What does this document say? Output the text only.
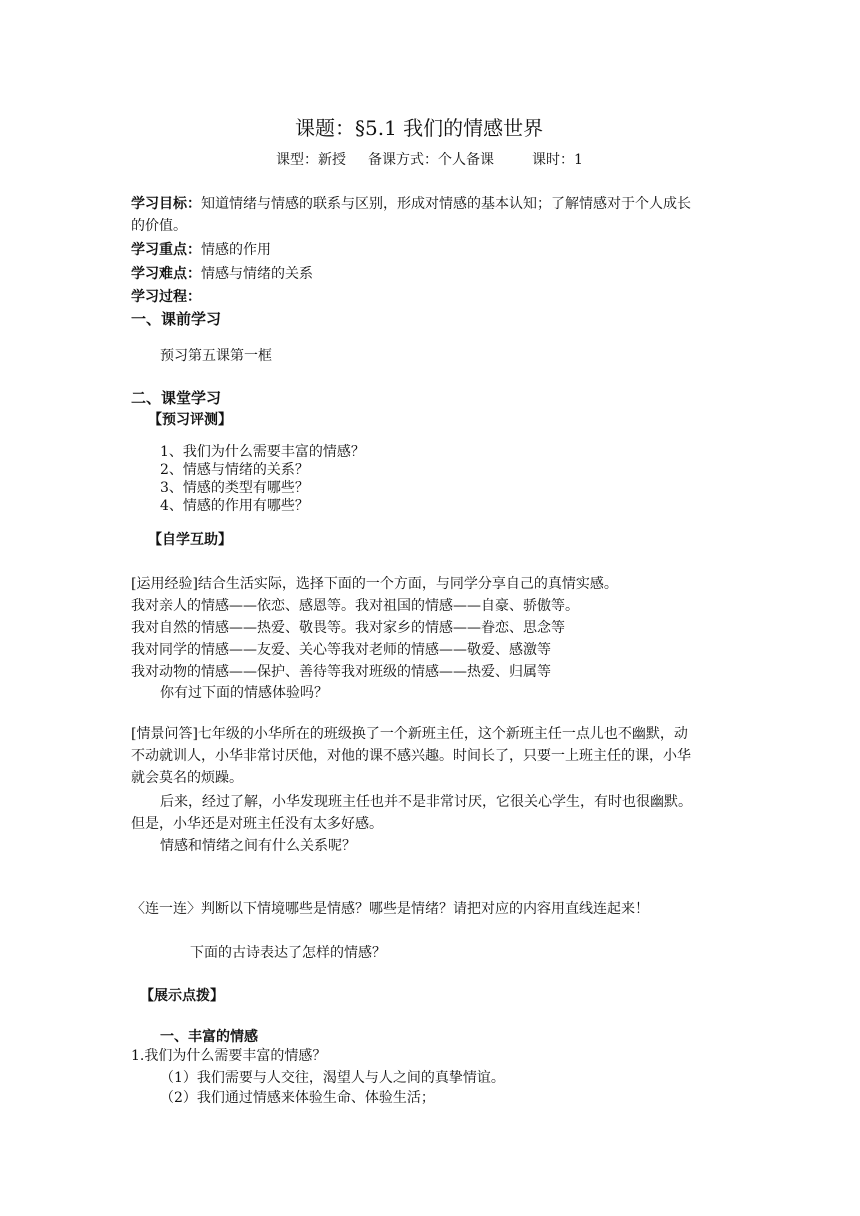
课题：§5.1 我们的情感世界
课型：新授 备课方式：个人备课	课时：1
学习目标：知道情绪与情感的联系与区别，形成对情感的基本认知；了解情感对于个人成长
的价值。
学习重点：情感的作用
学习难点：情感与情绪的关系
学习过程：
一、课前学习
预习第五课第一框
二、课堂学习
【预习评测】
1、我们为什么需要丰富的情感？
2、情感与情绪的关系？
3、情感的类型有哪些？
4、情感的作用有哪些？
【自学互助】
[运用经验]结合生活实际，选择下面的一个方面，与同学分享自己的真情实感。
我对亲人的情感——依恋、感恩等。我对祖国的情感——自豪、骄傲等。
我对自然的情感——热爱、敬畏等。我对家乡的情感——眷恋、思念等
我对同学的情感——友爱、关心等我对老师的情感——敬爱、感激等
我对动物的情感——保护、善待等我对班级的情感——热爱、归属等
你有过下面的情感体验吗？
[情景问答]七年级的小华所在的班级换了一个新班主任，这个新班主任一点儿也不幽默，动
不动就训人，小华非常讨厌他，对他的课不感兴趣。时间长了，只要一上班主任的课，小华
就会莫名的烦躁。
后来，经过了解，小华发现班主任也并不是非常讨厌，它很关心学生，有时也很幽默。
但是，小华还是对班主任没有太多好感。
情感和情绪之间有什么关系呢？
〈连一连〉判断以下情境哪些是情感？哪些是情绪？请把对应的内容用直线连起来！
下面的古诗表达了怎样的情感？
【展示点拨】
一、丰富的情感
1.我们为什么需要丰富的情感？
（1）我们需要与人交往，渴望人与人之间的真挚情谊。
（2）我们通过情感来体验生命、体验生活；
